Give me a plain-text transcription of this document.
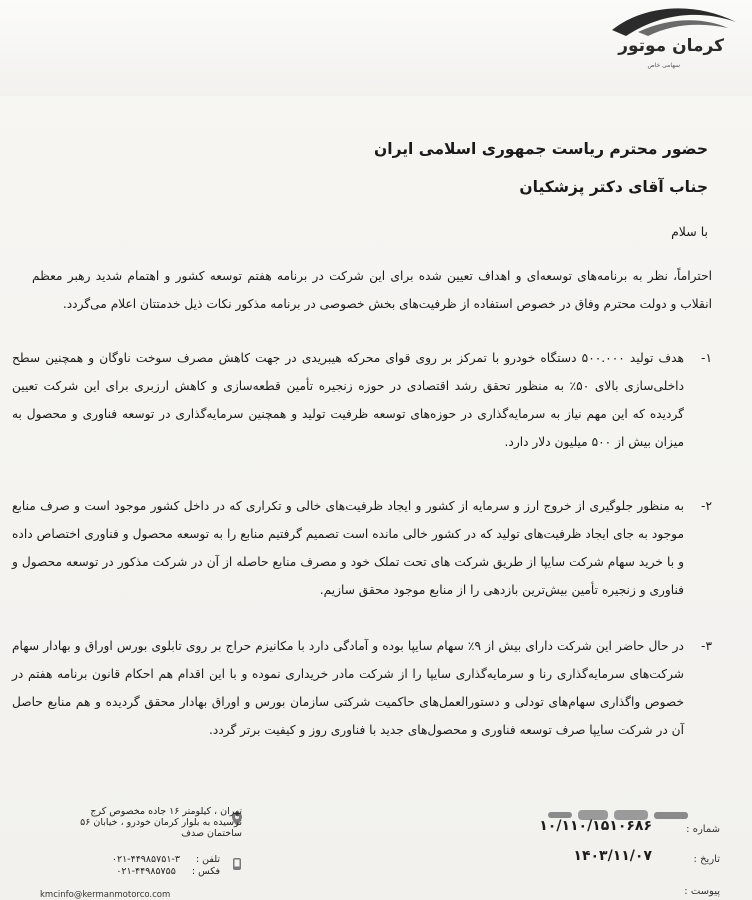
کرمان موتور
سهامی خاص
حضور محترم ریاست جمهوری اسلامی ایران
جناب آقای دکتر پزشکیان
با سلام
احتراماً، نظر به برنامه‌های توسعه‌ای و اهداف تعیین شده برای این شرکت در برنامه هفتم توسعه کشور و اهتمام شدید رهبر معظم انقلاب و دولت محترم وفاق در خصوص استفاده از ظرفیت‌های بخش خصوصی در برنامه مذکور نکات ذیل خدمتتان اعلام می‌گردد.
۱-
هدف تولید ۵۰۰.۰۰۰ دستگاه خودرو با تمرکز بر روی قوای محرکه هیبریدی در جهت کاهش مصرف سوخت ناوگان و همچنین سطح داخلی‌سازی بالای ۵۰٪ به منظور تحقق رشد اقتصادی در حوزه زنجیره تأمین قطعه‌سازی و کاهش ارزبری برای این شرکت تعیین گردیده که این مهم نیاز به سرمایه‌گذاری در حوزه‌های توسعه ظرفیت تولید و همچنین سرمایه‌گذاری در توسعه فناوری و محصول به میزان بیش از ۵۰۰ میلیون دلار دارد.
۲-
به منظور جلوگیری از خروج ارز و سرمایه از کشور و ایجاد ظرفیت‌های خالی و تکراری که در داخل کشور موجود است و صرف منابع موجود به جای ایجاد ظرفیت‌های تولید که در کشور خالی مانده است تصمیم گرفتیم منابع را به توسعه محصول و فناوری اختصاص داده و با خرید سهام شرکت سایپا از طریق شرکت های تحت تملک خود و مصرف منابع حاصله از آن در شرکت مذکور در توسعه محصول و فناوری و زنجیره تأمین بیش‌ترین بازدهی را از منابع موجود محقق سازیم.
۳-
در حال حاضر این شرکت دارای بیش از ۹٪ سهام سایپا بوده و آمادگی دارد با مکانیزم حراج بر روی تابلوی بورس اوراق و بهادار سهام شرکت‌های سرمایه‌گذاری رنا و سرمایه‌گذاری سایپا را از شرکت مادر خریداری نموده و با این اقدام هم احکام قانون برنامه هفتم در خصوص واگذاری سهام‌های تودلی و دستورالعمل‌های حاکمیت شرکتی سازمان بورس و اوراق بهادار محقق گردیده و هم منابع حاصل آن در شرکت سایپا صرف توسعه فناوری و محصول‌های جدید با فناوری روز و کیفیت برتر گردد.
شماره :
۱۰/۱۱۰/۱۵۱۰۶۸۶
تاریخ :
۱۴۰۳/۱۱/۰۷
پیوست :
تهران ، کیلومتر ۱۶ جاده مخصوص کرج
نرسیده به بلوار کرمان خودرو ، خیابان ۵۶
ساختمان صدف
تلفن :
۰۲۱-۴۴۹۸۵۷۵۱-۳
فکس :
۰۲۱-۴۴۹۸۵۷۵۵
kmcinfo@kermanmotorco.com
